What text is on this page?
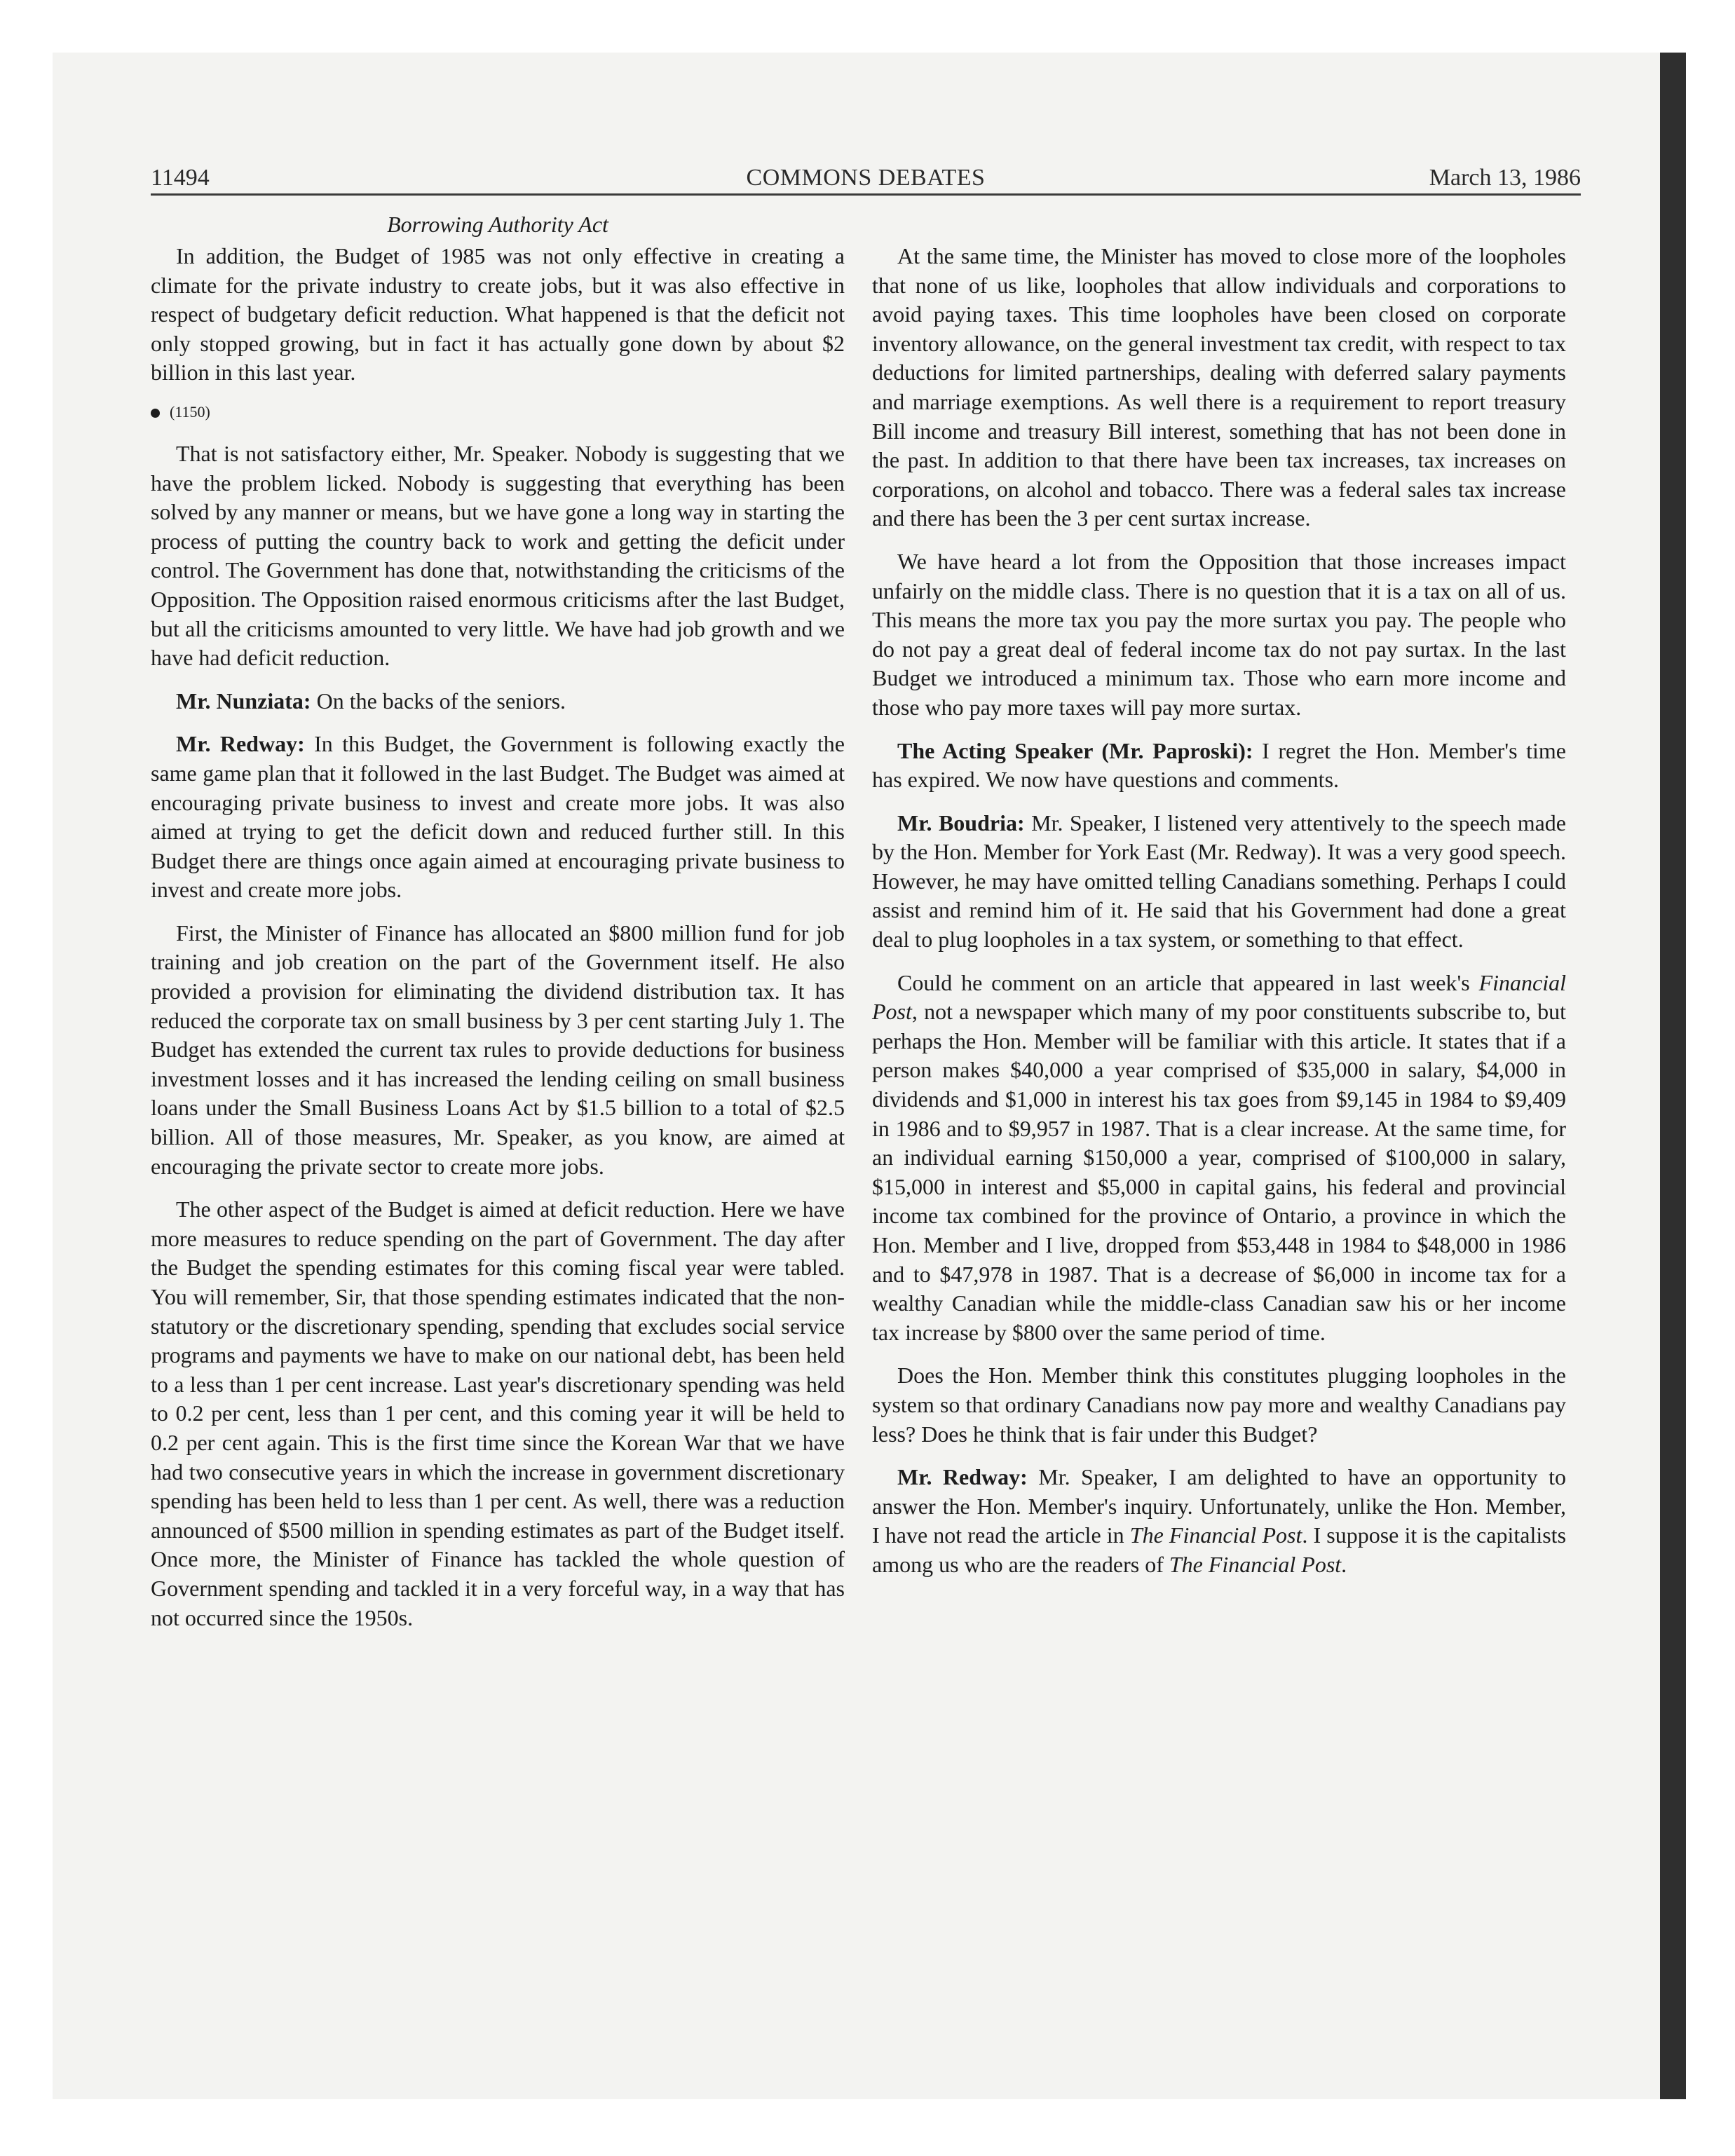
11494	COMMONS DEBATES	March 13, 1986
Borrowing Authority Act

In addition, the Budget of 1985 was not only effective in creating a climate for the private industry to create jobs, but it was also effective in respect of budgetary deficit reduction. What happened is that the deficit not only stopped growing, but in fact it has actually gone down by about $2 billion in this last year.

(1150)

That is not satisfactory either, Mr. Speaker. Nobody is suggesting that we have the problem licked. Nobody is suggesting that everything has been solved by any manner or means, but we have gone a long way in starting the process of putting the country back to work and getting the deficit under control. The Government has done that, notwithstanding the criticisms of the Opposition. The Opposition raised enormous criticisms after the last Budget, but all the criticisms amounted to very little. We have had job growth and we have had deficit reduction.

Mr. Nunziata: On the backs of the seniors.

Mr. Redway: In this Budget, the Government is following exactly the same game plan that it followed in the last Budget. The Budget was aimed at encouraging private business to invest and create more jobs. It was also aimed at trying to get the deficit down and reduced further still. In this Budget there are things once again aimed at encouraging private business to invest and create more jobs.

First, the Minister of Finance has allocated an $800 million fund for job training and job creation on the part of the Government itself. He also provided a provision for eliminating the dividend distribution tax. It has reduced the corporate tax on small business by 3 per cent starting July 1. The Budget has extended the current tax rules to provide deductions for business investment losses and it has increased the lending ceiling on small business loans under the Small Business Loans Act by $1.5 billion to a total of $2.5 billion. All of those measures, Mr. Speaker, as you know, are aimed at encouraging the private sector to create more jobs.

The other aspect of the Budget is aimed at deficit reduction. Here we have more measures to reduce spending on the part of Government. The day after the Budget the spending estimates for this coming fiscal year were tabled. You will remember, Sir, that those spending estimates indicated that the non-statutory or the discretionary spending, spending that excludes social service programs and payments we have to make on our national debt, has been held to a less than 1 per cent increase. Last year's discretionary spending was held to 0.2 per cent, less than 1 per cent, and this coming year it will be held to 0.2 per cent again. This is the first time since the Korean War that we have had two consecutive years in which the increase in government discretionary spending has been held to less than 1 per cent. As well, there was a reduction announced of $500 million in spending estimates as part of the Budget itself. Once more, the Minister of Finance has tackled the whole question of Government spending and tackled it in a very forceful way, in a way that has not occurred since the 1950s.

At the same time, the Minister has moved to close more of the loopholes that none of us like, loopholes that allow individuals and corporations to avoid paying taxes. This time loopholes have been closed on corporate inventory allowance, on the general investment tax credit, with respect to tax deductions for limited partnerships, dealing with deferred salary payments and marriage exemptions. As well there is a requirement to report treasury Bill income and treasury Bill interest, something that has not been done in the past. In addition to that there have been tax increases, tax increases on corporations, on alcohol and tobacco. There was a federal sales tax increase and there has been the 3 per cent surtax increase.

We have heard a lot from the Opposition that those increases impact unfairly on the middle class. There is no question that it is a tax on all of us. This means the more tax you pay the more surtax you pay. The people who do not pay a great deal of federal income tax do not pay surtax. In the last Budget we introduced a minimum tax. Those who earn more income and those who pay more taxes will pay more surtax.

The Acting Speaker (Mr. Paproski): I regret the Hon. Member's time has expired. We now have questions and comments.

Mr. Boudria: Mr. Speaker, I listened very attentively to the speech made by the Hon. Member for York East (Mr. Redway). It was a very good speech. However, he may have omitted telling Canadians something. Perhaps I could assist and remind him of it. He said that his Government had done a great deal to plug loopholes in a tax system, or something to that effect.

Could he comment on an article that appeared in last week's Financial Post, not a newspaper which many of my poor constituents subscribe to, but perhaps the Hon. Member will be familiar with this article. It states that if a person makes $40,000 a year comprised of $35,000 in salary, $4,000 in dividends and $1,000 in interest his tax goes from $9,145 in 1984 to $9,409 in 1986 and to $9,957 in 1987. That is a clear increase. At the same time, for an individual earning $150,000 a year, comprised of $100,000 in salary, $15,000 in interest and $5,000 in capital gains, his federal and provincial income tax combined for the province of Ontario, a province in which the Hon. Member and I live, dropped from $53,448 in 1984 to $48,000 in 1986 and to $47,978 in 1987. That is a decrease of $6,000 in income tax for a wealthy Canadian while the middle-class Canadian saw his or her income tax increase by $800 over the same period of time.

Does the Hon. Member think this constitutes plugging loopholes in the system so that ordinary Canadians now pay more and wealthy Canadians pay less? Does he think that is fair under this Budget?

Mr. Redway: Mr. Speaker, I am delighted to have an opportunity to answer the Hon. Member's inquiry. Unfortunately, unlike the Hon. Member, I have not read the article in The Financial Post. I suppose it is the capitalists among us who are the readers of The Financial Post.
